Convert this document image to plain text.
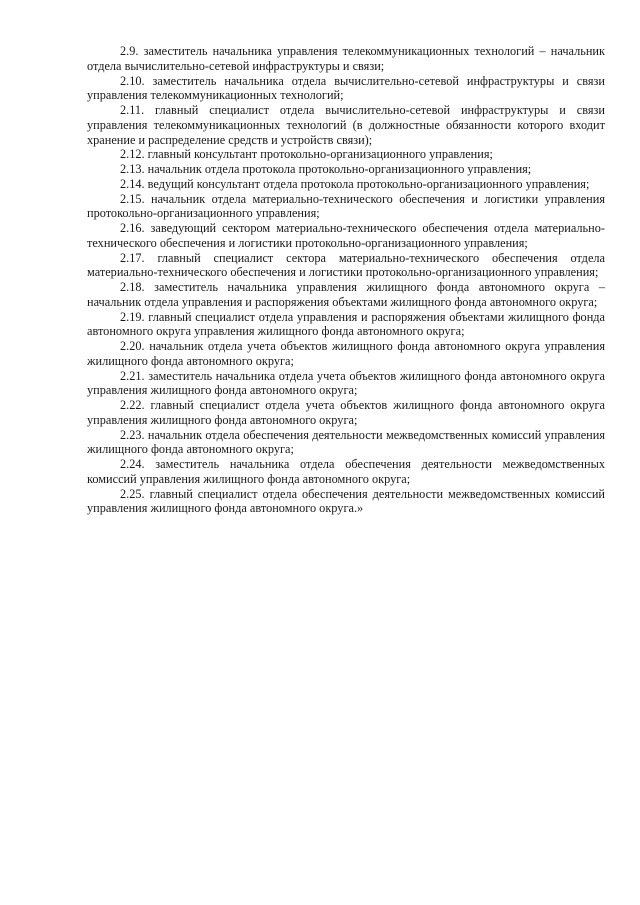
2.9. заместитель начальника управления телекоммуникационных технологий – начальник отдела вычислительно-сетевой инфраструктуры и связи;

2.10. заместитель начальника отдела вычислительно-сетевой инфраструктуры и связи управления телекоммуникационных технологий;

2.11. главный специалист отдела вычислительно-сетевой инфраструктуры и связи управления телекоммуникационных технологий (в должностные обязанности которого входит хранение и распределение средств и устройств связи);

2.12. главный консультант протокольно-организационного управления;

2.13. начальник отдела протокола протокольно-организационного управления;

2.14. ведущий консультант отдела протокола протокольно-организационного управления;

2.15. начальник отдела материально-технического обеспечения и логистики управления протокольно-организационного управления;

2.16. заведующий сектором материально-технического обеспечения отдела материально-технического обеспечения и логистики протокольно-организационного управления;

2.17. главный специалист сектора материально-технического обеспечения отдела материально-технического обеспечения и логистики протокольно-организационного управления;

2.18. заместитель начальника управления жилищного фонда автономного округа – начальник отдела управления и распоряжения объектами жилищного фонда автономного округа;

2.19. главный специалист отдела управления и распоряжения объектами жилищного фонда автономного округа управления жилищного фонда автономного округа;

2.20. начальник отдела учета объектов жилищного фонда автономного округа управления жилищного фонда автономного округа;

2.21. заместитель начальника отдела учета объектов жилищного фонда автономного округа управления жилищного фонда автономного округа;

2.22. главный специалист отдела учета объектов жилищного фонда автономного округа управления жилищного фонда автономного округа;

2.23. начальник отдела обеспечения деятельности межведомственных комиссий управления жилищного фонда автономного округа;

2.24. заместитель начальника отдела обеспечения деятельности межведомственных комиссий управления жилищного фонда автономного округа;

2.25. главный специалист отдела обеспечения деятельности межведомственных комиссий управления жилищного фонда автономного округа.»
